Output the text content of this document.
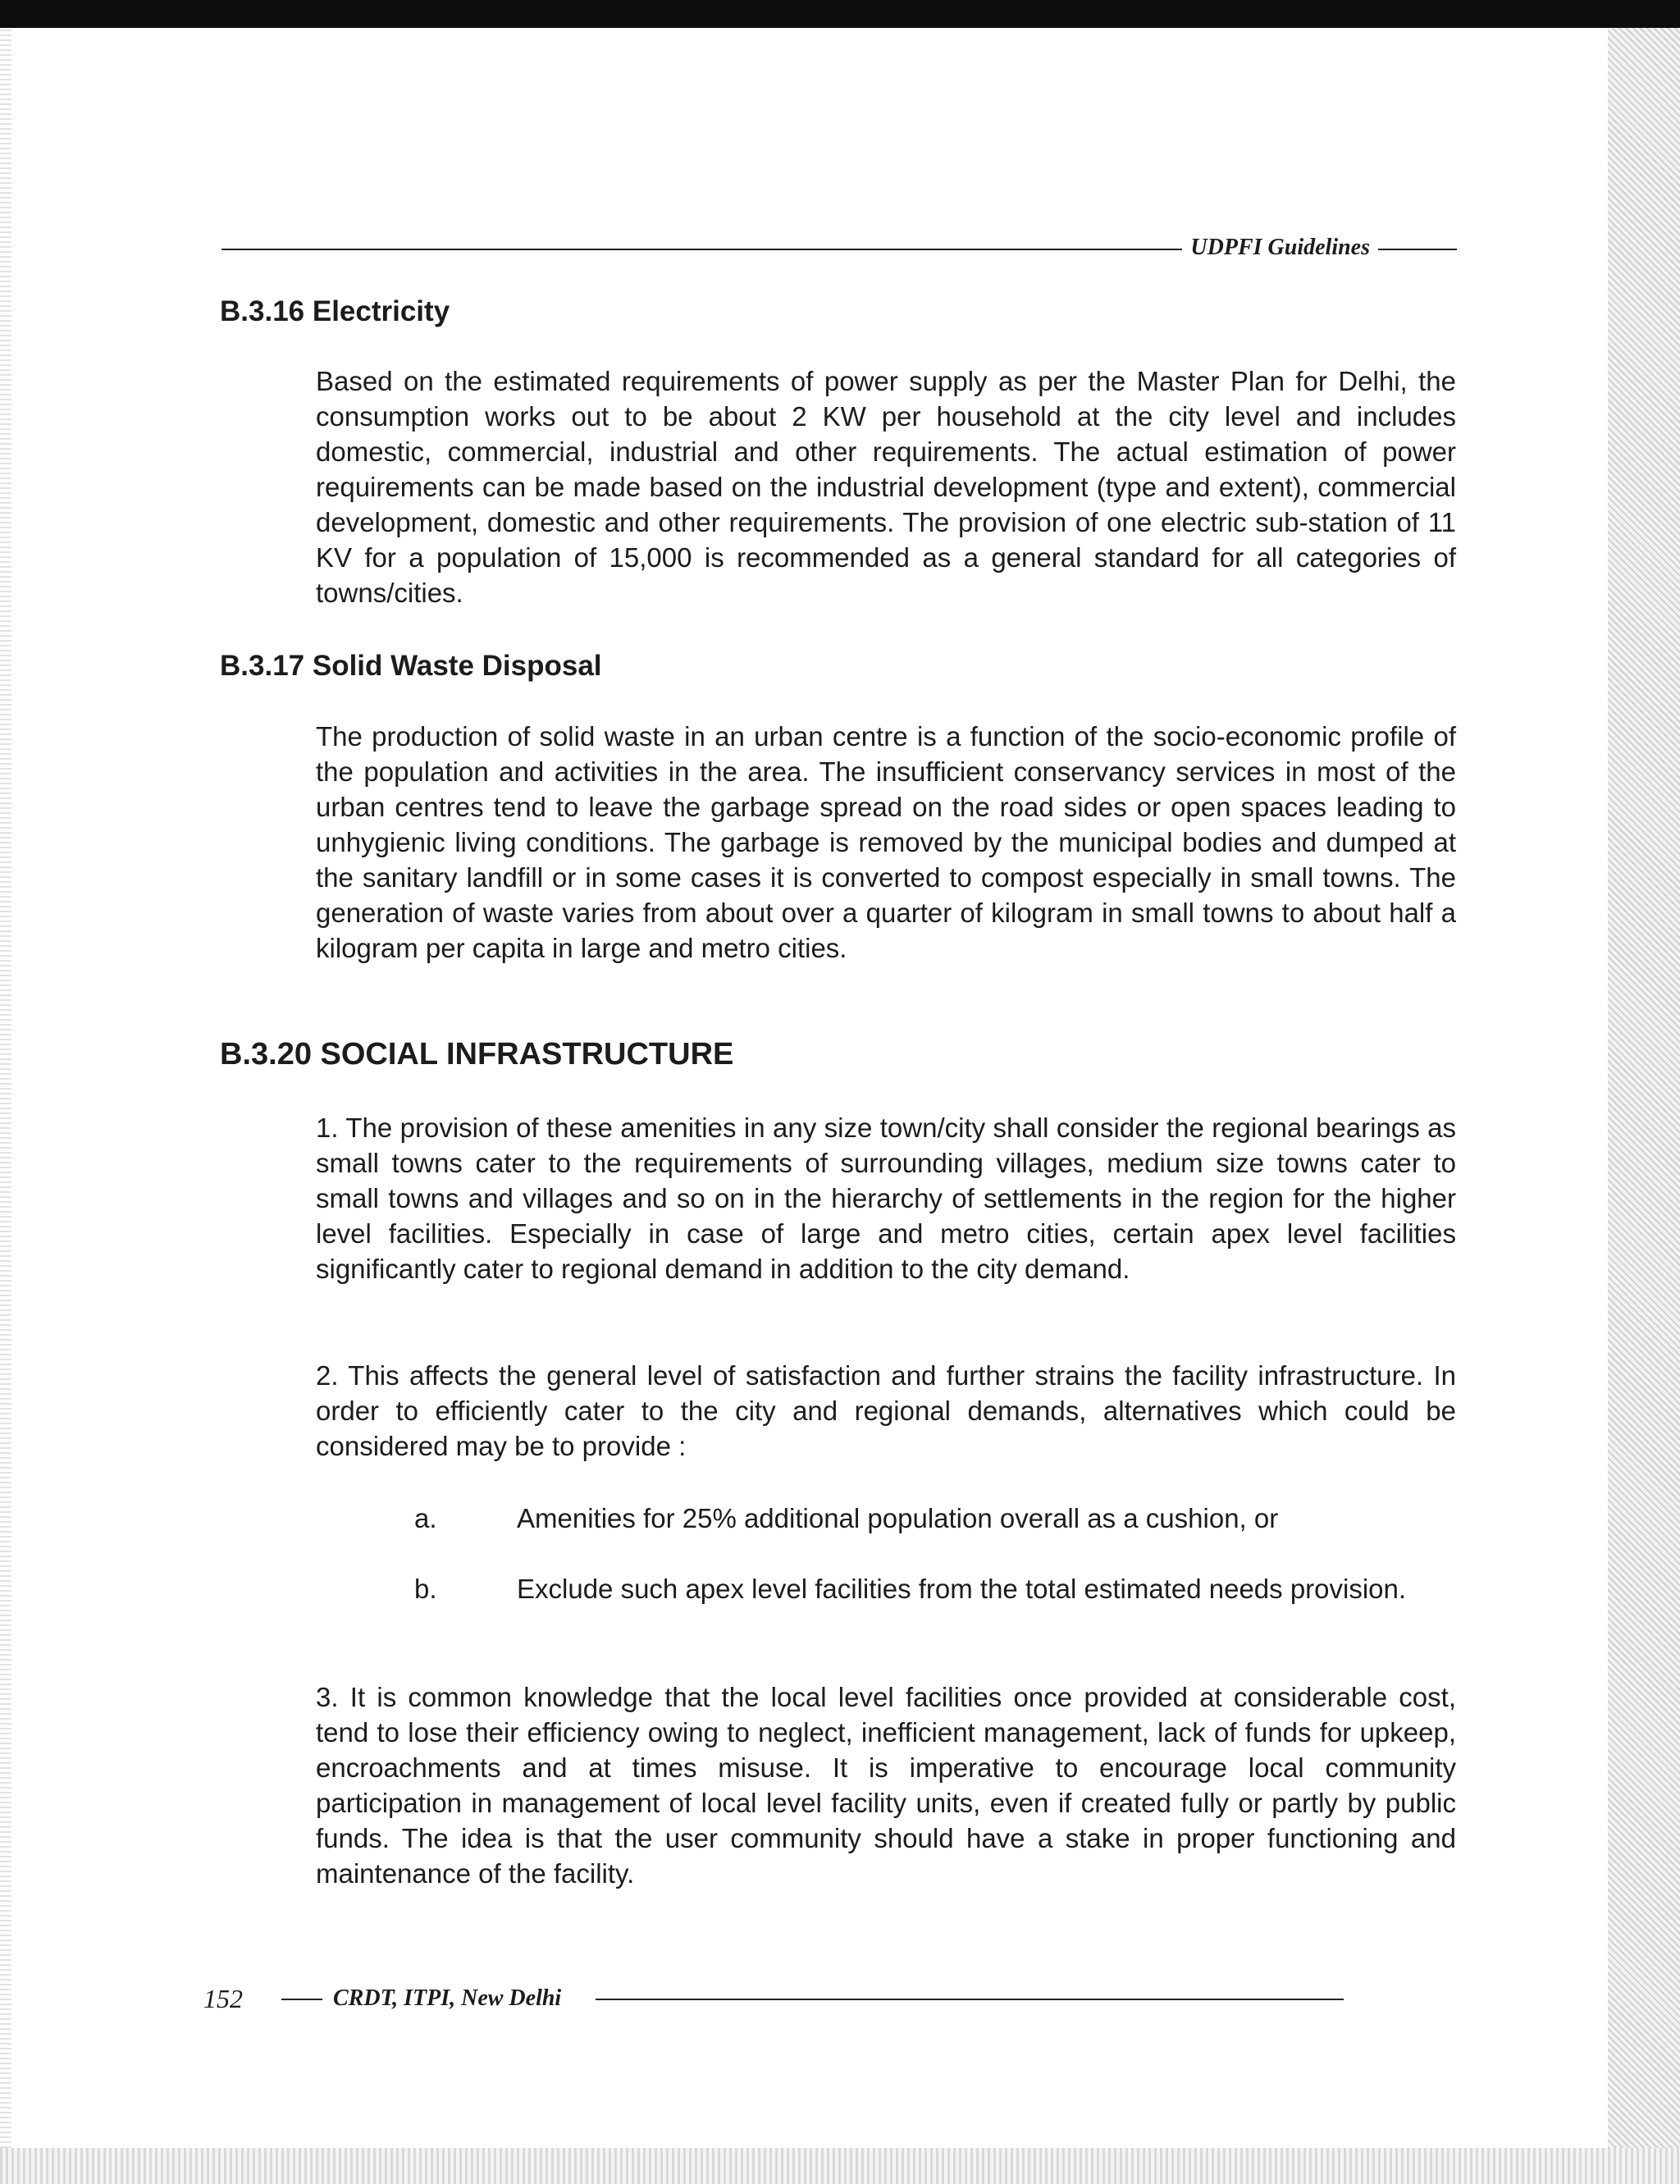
UDPFI Guidelines
B.3.16 Electricity

Based on the estimated requirements of power supply as per the Master Plan for Delhi, the consumption works out to be about 2 KW per household at the city level and includes domestic, commercial, industrial and other requirements. The actual estimation of power requirements can be made based on the industrial development (type and extent), commercial development, domestic and other requirements. The provision of one electric sub-station of 11 KV for a population of 15,000 is recommended as a general standard for all categories of towns/cities.

B.3.17 Solid Waste Disposal

The production of solid waste in an urban centre is a function of the socio-economic profile of the population and activities in the area. The insufficient conservancy services in most of the urban centres tend to leave the garbage spread on the road sides or open spaces leading to unhygienic living conditions. The garbage is removed by the municipal bodies and dumped at the sanitary landfill or in some cases it is converted to compost especially in small towns. The generation of waste varies from about over a quarter of kilogram in small towns to about half a kilogram per capita in large and metro cities.

B.3.20 SOCIAL INFRASTRUCTURE

1. The provision of these amenities in any size town/city shall consider the regional bearings as small towns cater to the requirements of surrounding villages, medium size towns cater to small towns and villages and so on in the hierarchy of settlements in the region for the higher level facilities. Especially in case of large and metro cities, certain apex level facilities significantly cater to regional demand in addition to the city demand.

2. This affects the general level of satisfaction and further strains the facility infrastructure. In order to efficiently cater to the city and regional demands, alternatives which could be considered may be to provide :

a.	Amenities for 25% additional population overall as a cushion, or
b.	Exclude such apex level facilities from the total estimated needs provision.

3. It is common knowledge that the local level facilities once provided at considerable cost, tend to lose their efficiency owing to neglect, inefficient management, lack of funds for upkeep, encroachments and at times misuse. It is imperative to encourage local community participation in management of local level facility units, even if created fully or partly by public funds. The idea is that the user community should have a stake in proper functioning and maintenance of the facility.

152	CRDT, ITPI, New Delhi
